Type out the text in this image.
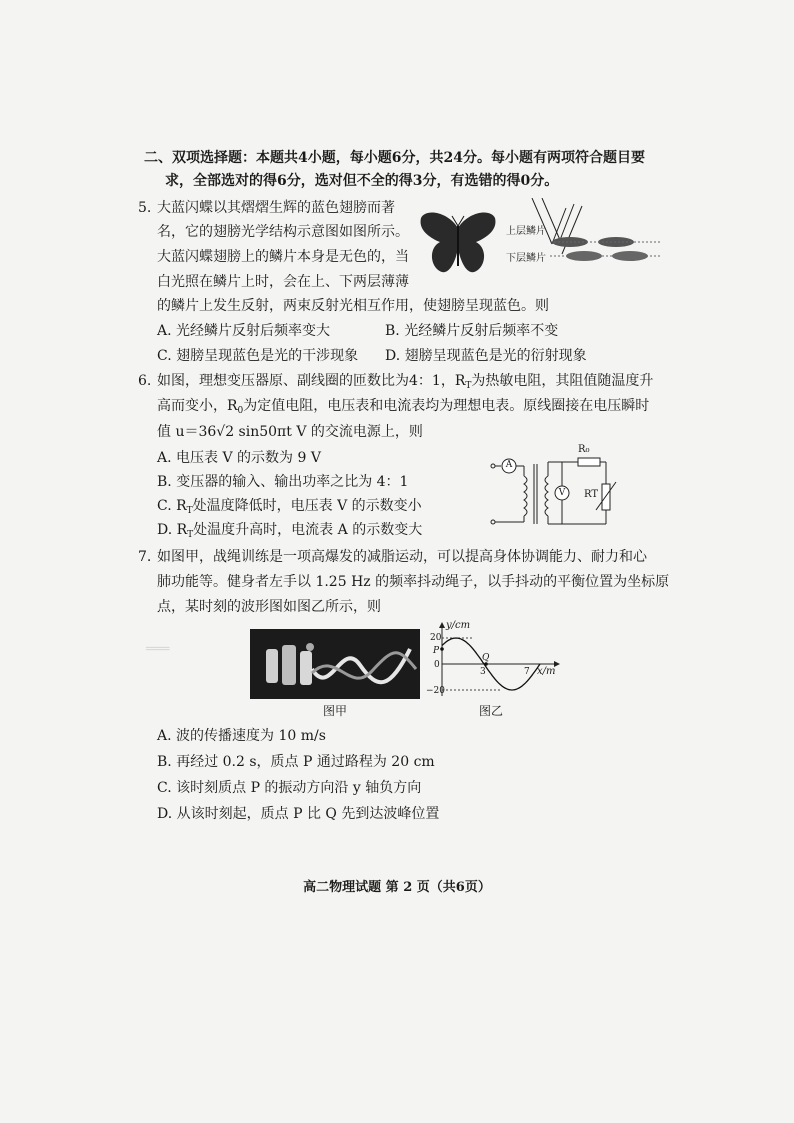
二、双项选择题：本题共4小题，每小题6分，共24分。每小题有两项符合题目要
求，全部选对的得6分，选对但不全的得3分，有选错的得0分。
5. 大蓝闪蝶以其熠熠生辉的蓝色翅膀而著
名，它的翅膀光学结构示意图如图所示。
大蓝闪蝶翅膀上的鳞片本身是无色的，当
白光照在鳞片上时，会在上、下两层薄薄
的鳞片上发生反射，两束反射光相互作用，使翅膀呈现蓝色。则
上层鳞片
下层鳞片
A. 光经鳞片反射后频率变大	B. 光经鳞片反射后频率不变
C. 翅膀呈现蓝色是光的干涉现象 D. 翅膀呈现蓝色是光的衍射现象
6. 如图，理想变压器原、副线圈的匝数比为4：1，$R_T$为热敏电阻，其阻值随温度升
高而变小，$R_0$为定值电阻，电压表和电流表均为理想电表。原线圈接在电压瞬时
值 u＝36√2 sin50πt V 的交流电源上，则
A. 电压表 V 的示数为 9 V
B. 变压器的输入、输出功率之比为 4：1
C. $R_T$处温度降低时，电压表 V 的示数变小
D. $R_T$处温度升高时，电流表 A 的示数变大
A
V
R₀
RT
7. 如图甲，战绳训练是一项高爆发的减脂运动，可以提高身体协调能力、耐力和心
肺功能等。健身者左手以 1.25 Hz 的频率抖动绳子，以手抖动的平衡位置为坐标原
点，某时刻的波形图如图乙所示，则
═══
图甲
y/cm
20
P
0
−20
Q
3	7 x/m
图乙
A. 波的传播速度为 10 m/s
B. 再经过 0.2 s，质点 P 通过路程为 20 cm
C. 该时刻质点 P 的振动方向沿 y 轴负方向
D. 从该时刻起，质点 P 比 Q 先到达波峰位置
高二物理试题 第 2 页（共6页）
